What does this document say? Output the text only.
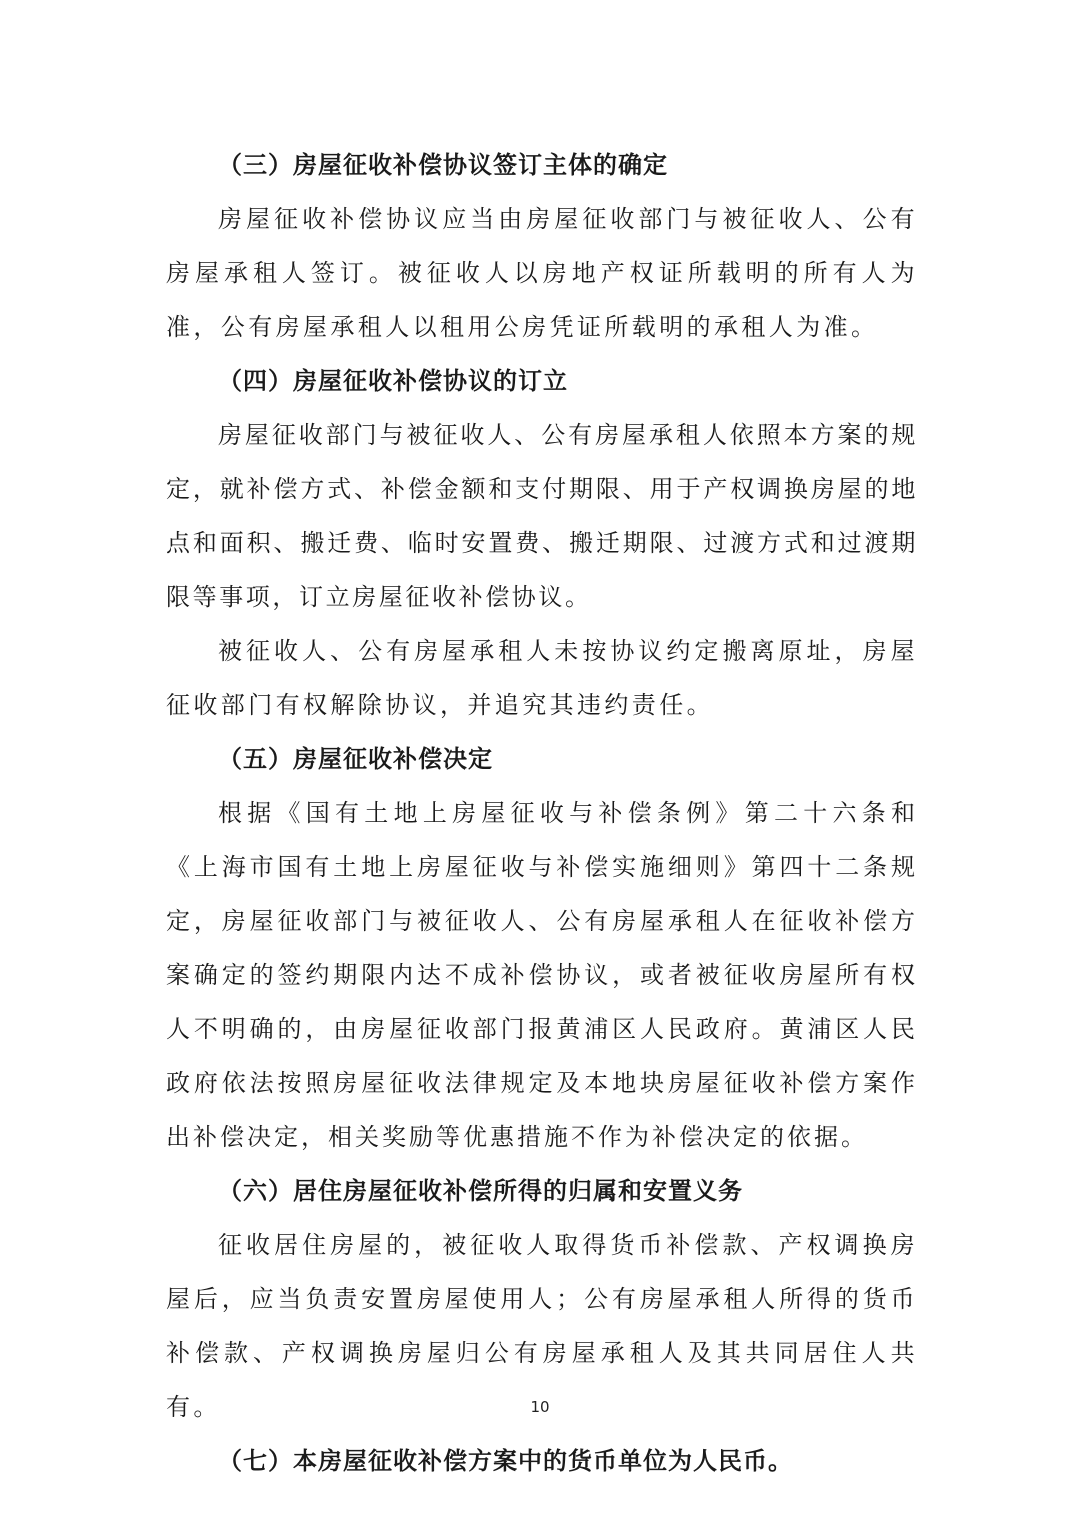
（三）房屋征收补偿协议签订主体的确定

房屋征收补偿协议应当由房屋征收部门与被征收人、公有房屋承租人签订。被征收人以房地产权证所载明的所有人为准，公有房屋承租人以租用公房凭证所载明的承租人为准。

（四）房屋征收补偿协议的订立

房屋征收部门与被征收人、公有房屋承租人依照本方案的规定，就补偿方式、补偿金额和支付期限、用于产权调换房屋的地点和面积、搬迁费、临时安置费、搬迁期限、过渡方式和过渡期限等事项，订立房屋征收补偿协议。

被征收人、公有房屋承租人未按协议约定搬离原址，房屋征收部门有权解除协议，并追究其违约责任。

（五）房屋征收补偿决定

根据《国有土地上房屋征收与补偿条例》第二十六条和《上海市国有土地上房屋征收与补偿实施细则》第四十二条规定，房屋征收部门与被征收人、公有房屋承租人在征收补偿方案确定的签约期限内达不成补偿协议，或者被征收房屋所有权人不明确的，由房屋征收部门报黄浦区人民政府。黄浦区人民政府依法按照房屋征收法律规定及本地块房屋征收补偿方案作出补偿决定，相关奖励等优惠措施不作为补偿决定的依据。

（六）居住房屋征收补偿所得的归属和安置义务

征收居住房屋的，被征收人取得货币补偿款、产权调换房屋后，应当负责安置房屋使用人；公有房屋承租人所得的货币补偿款、产权调换房屋归公有房屋承租人及其共同居住人共有。

（七）本房屋征收补偿方案中的货币单位为人民币。
10
